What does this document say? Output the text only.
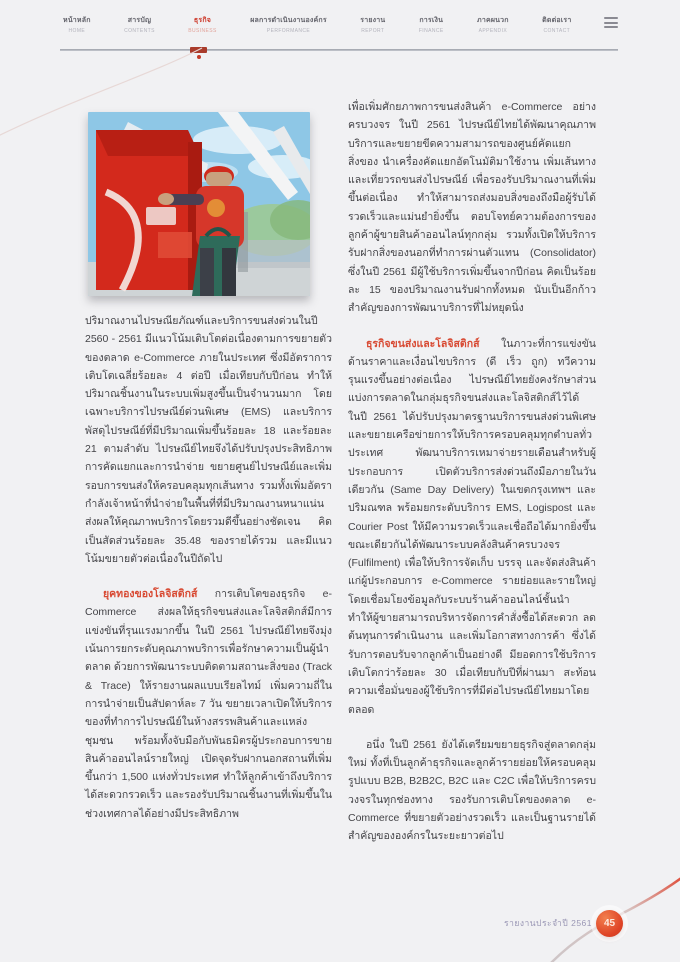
หน้าหลัก
HOME
สารบัญ
CONTENTS
ธุรกิจ
BUSINESS
ผลการดำเนินงานองค์กร
PERFORMANCE
รายงาน
REPORT
การเงิน
FINANCE
ภาคผนวก
APPENDIX
ติดต่อเรา
CONTACT

ปริมาณงานไปรษณียภัณฑ์และบริการขนส่งด่วนในปี 2560 - 2561 มีแนวโน้มเติบโตต่อเนื่องตามการขยายตัวของตลาด e-Commerce ภายในประเทศ ซึ่งมีอัตราการเติบโตเฉลี่ยร้อยละ 4 ต่อปี เมื่อเทียบกับปีก่อน ทำให้ปริมาณชิ้นงานในระบบเพิ่มสูงขึ้นเป็นจำนวนมาก โดยเฉพาะบริการไปรษณีย์ด่วนพิเศษ (EMS) และบริการพัสดุไปรษณีย์ที่มีปริมาณเพิ่มขึ้นร้อยละ 18 และร้อยละ 21 ตามลำดับ ไปรษณีย์ไทยจึงได้ปรับปรุงประสิทธิภาพการคัดแยกและการนำจ่าย ขยายศูนย์ไปรษณีย์และเพิ่มรอบการขนส่งให้ครอบคลุมทุกเส้นทาง รวมทั้งเพิ่มอัตรากำลังเจ้าหน้าที่นำจ่ายในพื้นที่ที่มีปริมาณงานหนาแน่น ส่งผลให้คุณภาพบริการโดยรวมดีขึ้นอย่างชัดเจน คิดเป็นสัดส่วนร้อยละ 35.48 ของรายได้รวม และมีแนวโน้มขยายตัวต่อเนื่องในปีถัดไป

ยุคทองของโลจิสติกส์ การเติบโตของธุรกิจ e-Commerce ส่งผลให้ธุรกิจขนส่งและโลจิสติกส์มีการแข่งขันที่รุนแรงมากขึ้น ในปี 2561 ไปรษณีย์ไทยจึงมุ่งเน้นการยกระดับคุณภาพบริการเพื่อรักษาความเป็นผู้นำตลาด ด้วยการพัฒนาระบบติดตามสถานะสิ่งของ (Track & Trace) ให้รายงานผลแบบเรียลไทม์ เพิ่มความถี่ในการนำจ่ายเป็นสัปดาห์ละ 7 วัน ขยายเวลาเปิดให้บริการของที่ทำการไปรษณีย์ในห้างสรรพสินค้าและแหล่งชุมชน พร้อมทั้งจับมือกับพันธมิตรผู้ประกอบการขายสินค้าออนไลน์รายใหญ่ เปิดจุดรับฝากนอกสถานที่เพิ่มขึ้นกว่า 1,500 แห่งทั่วประเทศ ทำให้ลูกค้าเข้าถึงบริการได้สะดวกรวดเร็ว และรองรับปริมาณชิ้นงานที่เพิ่มขึ้นในช่วงเทศกาลได้อย่างมีประสิทธิภาพ

เพื่อเพิ่มศักยภาพการขนส่งสินค้า e-Commerce อย่างครบวงจร ในปี 2561 ไปรษณีย์ไทยได้พัฒนาคุณภาพบริการและขยายขีดความสามารถของศูนย์คัดแยกสิ่งของ นำเครื่องคัดแยกอัตโนมัติมาใช้งาน เพิ่มเส้นทางและเที่ยวรถขนส่งไปรษณีย์ เพื่อรองรับปริมาณงานที่เพิ่มขึ้นต่อเนื่อง ทำให้สามารถส่งมอบสิ่งของถึงมือผู้รับได้รวดเร็วและแม่นยำยิ่งขึ้น ตอบโจทย์ความต้องการของลูกค้าผู้ขายสินค้าออนไลน์ทุกกลุ่ม รวมทั้งเปิดให้บริการรับฝากสิ่งของนอกที่ทำการผ่านตัวแทน (Consolidator) ซึ่งในปี 2561 มีผู้ใช้บริการเพิ่มขึ้นจากปีก่อน คิดเป็นร้อยละ 15 ของปริมาณงานรับฝากทั้งหมด นับเป็นอีกก้าวสำคัญของการพัฒนาบริการที่ไม่หยุดนิ่ง

ธุรกิจขนส่งและโลจิสติกส์ ในภาวะที่การแข่งขันด้านราคาและเงื่อนไขบริการ (ดี เร็ว ถูก) ทวีความรุนแรงขึ้นอย่างต่อเนื่อง ไปรษณีย์ไทยยังคงรักษาส่วนแบ่งการตลาดในกลุ่มธุรกิจขนส่งและโลจิสติกส์ไว้ได้ ในปี 2561 ได้ปรับปรุงมาตรฐานบริการขนส่งด่วนพิเศษและขยายเครือข่ายการให้บริการครอบคลุมทุกตำบลทั่วประเทศ พัฒนาบริการเหมาจ่ายรายเดือนสำหรับผู้ประกอบการ เปิดตัวบริการส่งด่วนถึงมือภายในวันเดียวกัน (Same Day Delivery) ในเขตกรุงเทพฯ และปริมณฑล พร้อมยกระดับบริการ EMS, Logispost และ Courier Post ให้มีความรวดเร็วและเชื่อถือได้มากยิ่งขึ้น ขณะเดียวกันได้พัฒนาระบบคลังสินค้าครบวงจร (Fulfilment) เพื่อให้บริการจัดเก็บ บรรจุ และจัดส่งสินค้าแก่ผู้ประกอบการ e-Commerce รายย่อยและรายใหญ่ โดยเชื่อมโยงข้อมูลกับระบบร้านค้าออนไลน์ชั้นนำ ทำให้ผู้ขายสามารถบริหารจัดการคำสั่งซื้อได้สะดวก ลดต้นทุนการดำเนินงาน และเพิ่มโอกาสทางการค้า ซึ่งได้รับการตอบรับจากลูกค้าเป็นอย่างดี มียอดการใช้บริการเติบโตกว่าร้อยละ 30 เมื่อเทียบกับปีที่ผ่านมา สะท้อนความเชื่อมั่นของผู้ใช้บริการที่มีต่อไปรษณีย์ไทยมาโดยตลอด

อนึ่ง ในปี 2561 ยังได้เตรียมขยายธุรกิจสู่ตลาดกลุ่มใหม่ ทั้งที่เป็นลูกค้าธุรกิจและลูกค้ารายย่อยให้ครอบคลุมรูปแบบ B2B, B2B2C, B2C และ C2C เพื่อให้บริการครบวงจรในทุกช่องทาง รองรับการเติบโตของตลาด e-Commerce ที่ขยายตัวอย่างรวดเร็ว และเป็นฐานรายได้สำคัญขององค์กรในระยะยาวต่อไป

รายงานประจำปี 2561 45
